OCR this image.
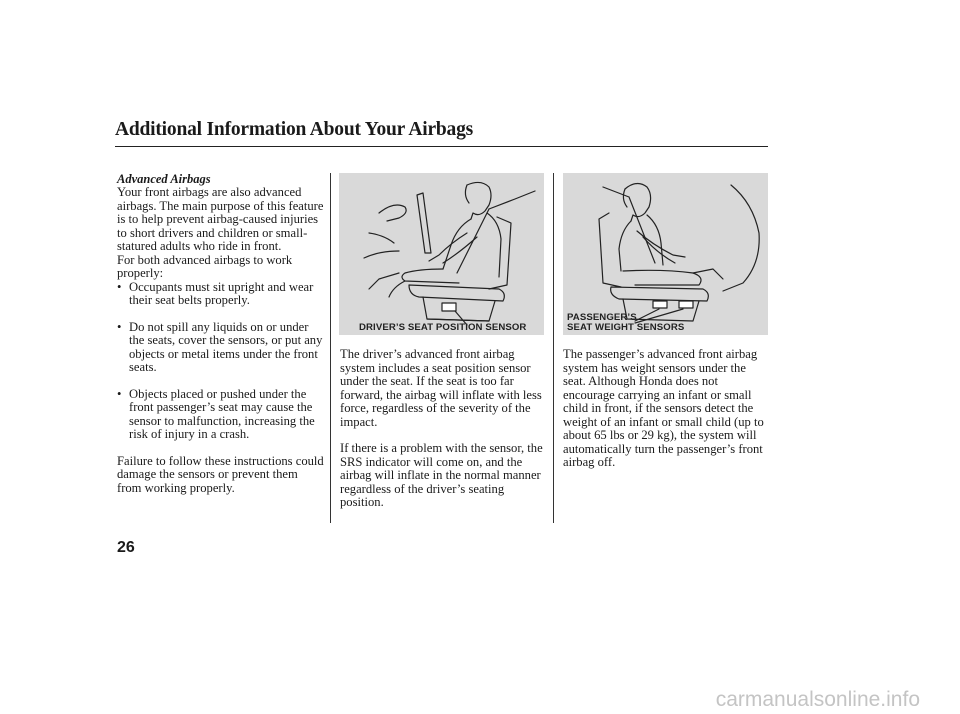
Additional Information About Your Airbags
Advanced Airbags
Your front airbags are also advanced airbags. The main purpose of this feature is to help prevent airbag-caused injuries to short drivers and children or small-statured adults who ride in front.
For both advanced airbags to work properly:
• Occupants must sit upright and wear their seat belts properly.
• Do not spill any liquids on or under the seats, cover the sensors, or put any objects or metal items under the front seats.
• Objects placed or pushed under the front passenger’s seat may cause the sensor to malfunction, increasing the risk of injury in a crash.
Failure to follow these instructions could damage the sensors or prevent them from working properly.
DRIVER’S SEAT POSITION SENSOR
The driver’s advanced front airbag system includes a seat position sensor under the seat. If the seat is too far forward, the airbag will inflate with less force, regardless of the severity of the impact.
If there is a problem with the sensor, the SRS indicator will come on, and the airbag will inflate in the normal manner regardless of the driver’s seating position.
PASSENGER’S
SEAT WEIGHT SENSORS
The passenger’s advanced front airbag system has weight sensors under the seat. Although Honda does not encourage carrying an infant or small child in front, if the sensors detect the weight of an infant or small child (up to about 65 lbs or 29 kg), the system will automatically turn the passenger’s front airbag off.
26
carmanualsonline.info
